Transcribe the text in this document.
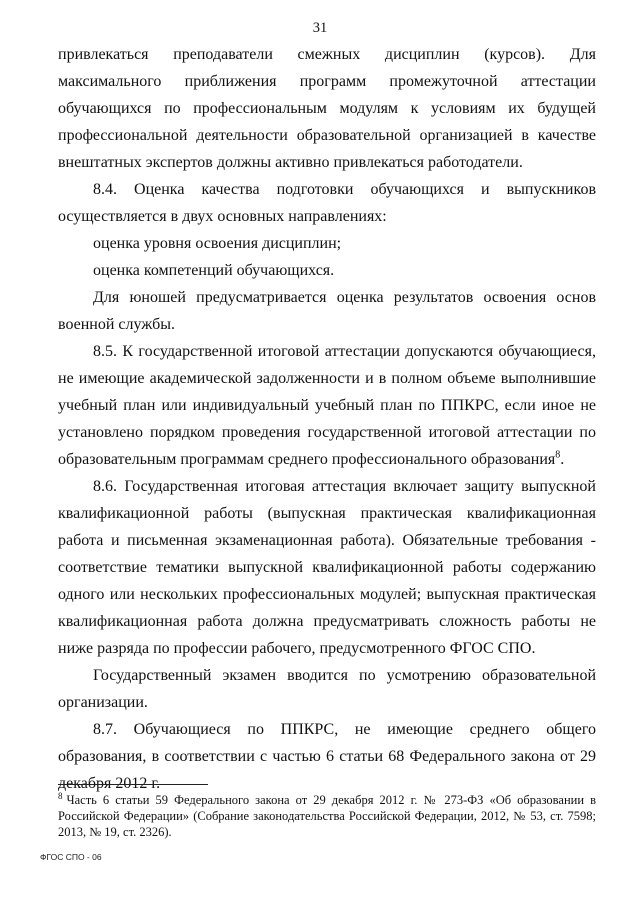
31

привлекаться преподаватели смежных дисциплин (курсов). Для максимального приближения программ промежуточной аттестации обучающихся по профессиональным модулям к условиям их будущей профессиональной деятельности образовательной организацией в качестве внештатных экспертов должны активно привлекаться работодатели.

8.4. Оценка качества подготовки обучающихся и выпускников осуществляется в двух основных направлениях:

оценка уровня освоения дисциплин;

оценка компетенций обучающихся.

Для юношей предусматривается оценка результатов освоения основ военной службы.

8.5. К государственной итоговой аттестации допускаются обучающиеся, не имеющие академической задолженности и в полном объеме выполнившие учебный план или индивидуальный учебный план по ППКРС, если иное не установлено порядком проведения государственной итоговой аттестации по образовательным программам среднего профессионального образования$^8$.

8.6. Государственная итоговая аттестация включает защиту выпускной квалификационной работы (выпускная практическая квалификационная работа и письменная экзаменационная работа). Обязательные требования - соответствие тематики выпускной квалификационной работы содержанию одного или нескольких профессиональных модулей; выпускная практическая квалификационная работа должна предусматривать сложность работы не ниже разряда по профессии рабочего, предусмотренного ФГОС СПО.

Государственный экзамен вводится по усмотрению образовательной организации.

8.7. Обучающиеся по ППКРС, не имеющие среднего общего образования, в соответствии с частью 6 статьи 68 Федерального закона от 29 декабря 2012 г.

$^8$ Часть 6 статьи 59 Федерального закона от 29 декабря 2012 г. № 273-ФЗ «Об образовании в Российской Федерации» (Собрание законодательства Российской Федерации, 2012, № 53, ст. 7598; 2013, № 19, ст. 2326).

ФГОС СПО - 06
